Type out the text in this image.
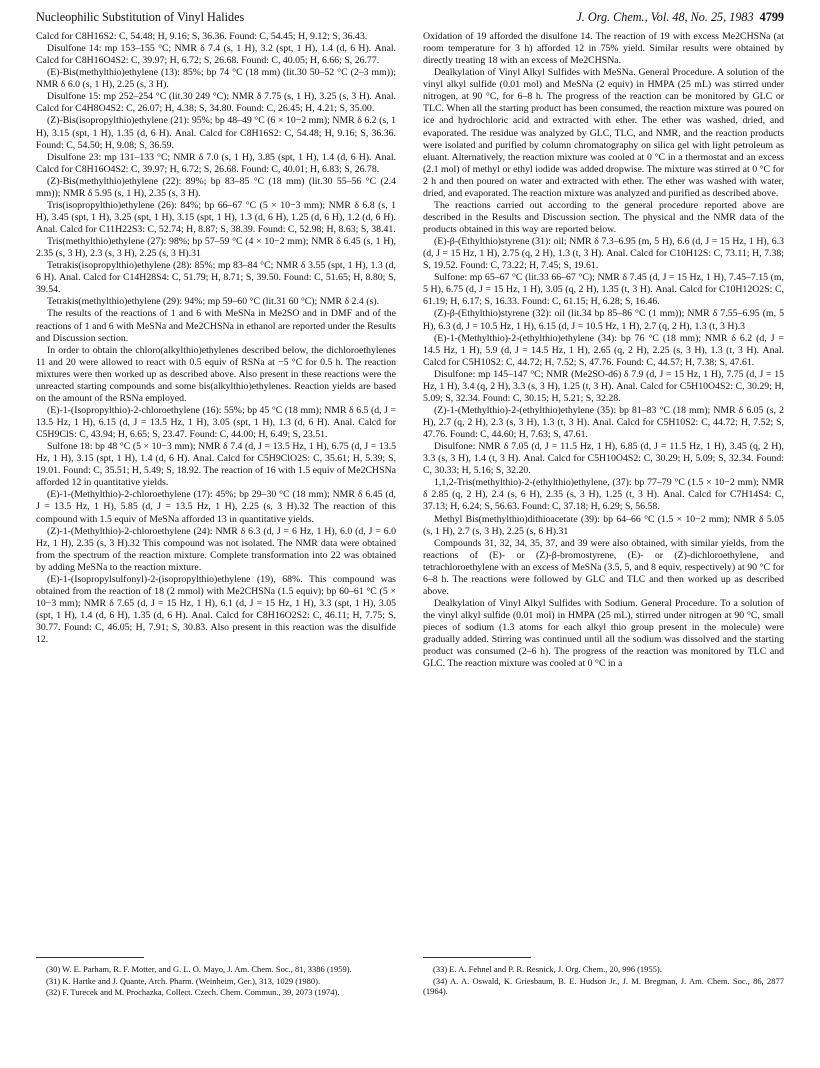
Nucleophilic Substitution of Vinyl Halides	J. Org. Chem., Vol. 48, No. 25, 1983 4799

Calcd for C8H16S2: C, 54.48; H, 9.16; S, 36.36. Found: C, 54.45; H, 9.12; S, 36.43.

Disulfone 14: mp 153–155 °C; NMR δ 7.4 (s, 1 H), 3.2 (spt, 1 H), 1.4 (d, 6 H). Anal. Calcd for C8H16O4S2: C, 39.97; H, 6.72; S, 26.68. Found: C, 40.05; H, 6.66; S, 26.77.

(E)-Bis(methylthio)ethylene (13): 85%; bp 74 °C (18 mm) (lit.30 50–52 °C (2–3 mm)); NMR δ 6.0 (s, 1 H), 2.25 (s, 3 H).

Disulfone 15: mp 252–254 °C (lit.30 249 °C); NMR δ 7.75 (s, 1 H), 3.25 (s, 3 H). Anal. Calcd for C4H8O4S2: C, 26.07; H, 4.38; S, 34.80. Found: C, 26.45; H, 4.21; S, 35.00.

(Z)-Bis(isopropylthio)ethylene (21): 95%; bp 48–49 °C (6 × 10−2 mm); NMR δ 6.2 (s, 1 H), 3.15 (spt, 1 H), 1.35 (d, 6 H). Anal. Calcd for C8H16S2: C, 54.48; H, 9.16; S, 36.36. Found: C, 54.50; H, 9.08; S, 36.59.

Disulfone 23: mp 131–133 °C; NMR δ 7.0 (s, 1 H), 3.85 (spt, 1 H), 1.4 (d, 6 H). Anal. Calcd for C8H16O4S2: C, 39.97; H, 6.72; S, 26.68. Found: C, 40.01; H, 6.83; S, 26.78.

(Z)-Bis(methylthio)ethylene (22): 89%; bp 83–85 °C (18 mm) (lit.30 55–56 °C (2.4 mm)); NMR δ 5.95 (s, 1 H), 2.35 (s, 3 H).

Tris(isopropylthio)ethylene (26): 84%; bp 66–67 °C (5 × 10−3 mm); NMR δ 6.8 (s, 1 H), 3.45 (spt, 1 H), 3.25 (spt, 1 H), 3.15 (spt, 1 H), 1.3 (d, 6 H), 1.25 (d, 6 H), 1.2 (d, 6 H). Anal. Calcd for C11H22S3: C, 52.74; H, 8.87; S, 38.39. Found: C, 52.98; H, 8.63; S, 38.41.

Tris(methylthio)ethylene (27): 98%; bp 57–59 °C (4 × 10−2 mm); NMR δ 6.45 (s, 1 H), 2.35 (s, 3 H), 2.3 (s, 3 H), 2.25 (s, 3 H).31

Tetrakis(isopropylthio)ethylene (28): 85%; mp 83–84 °C; NMR δ 3.55 (spt, 1 H), 1.3 (d, 6 H). Anal. Calcd for C14H28S4: C, 51.79; H, 8.71; S, 39.50. Found: C, 51.65; H, 8.80; S, 39.54.

Tetrakis(methylthio)ethylene (29): 94%; mp 59–60 °C (lit.31 60 °C); NMR δ 2.4 (s).

The results of the reactions of 1 and 6 with MeSNa in Me2SO and in DMF and of the reactions of 1 and 6 with MeSNa and Me2CHSNa in ethanol are reported under the Results and Discussion section.

In order to obtain the chloro(alkylthio)ethylenes described below, the dichloroethylenes 11 and 20 were allowed to react with 0.5 equiv of RSNa at −5 °C for 0.5 h. The reaction mixtures were then worked up as described above. Also present in these reactions were the unreacted starting compounds and some bis(alkylthio)ethylenes. Reaction yields are based on the amount of the RSNa employed.

(E)-1-(Isopropylthio)-2-chloroethylene (16): 55%; bp 45 °C (18 mm); NMR δ 6.5 (d, J = 13.5 Hz, 1 H), 6.15 (d, J = 13.5 Hz, 1 H), 3.05 (spt, 1 H), 1.3 (d, 6 H). Anal. Calcd for C5H9ClS: C, 43.94; H, 6.65; S, 23.47. Found: C, 44.00; H, 6.49; S, 23.51.

Sulfone 18: bp 48 °C (5 × 10−3 mm); NMR δ 7.4 (d, J = 13.5 Hz, 1 H), 6.75 (d, J = 13.5 Hz, 1 H), 3.15 (spt, 1 H), 1.4 (d, 6 H). Anal. Calcd for C5H9ClO2S: C, 35.61; H, 5.39; S, 19.01. Found: C, 35.51; H, 5.49; S, 18.92. The reaction of 16 with 1.5 equiv of Me2CHSNa afforded 12 in quantitative yields.

(E)-1-(Methylthio)-2-chloroethylene (17): 45%; bp 29–30 °C (18 mm); NMR δ 6.45 (d, J = 13.5 Hz, 1 H), 5.85 (d, J = 13.5 Hz, 1 H), 2.25 (s, 3 H).32 The reaction of this compound with 1.5 equiv of MeSNa afforded 13 in quantitative yields.

(Z)-1-(Methylthio)-2-chloroethylene (24): NMR δ 6.3 (d, J = 6 Hz, 1 H), 6.0 (d, J = 6.0 Hz, 1 H), 2.35 (s, 3 H).32 This compound was not isolated. The NMR data were obtained from the spectrum of the reaction mixture. Complete transformation into 22 was obtained by adding MeSNa to the reaction mixture.

(E)-1-(Isopropylsulfonyl)-2-(isopropylthio)ethylene (19), 68%. This compound was obtained from the reaction of 18 (2 mmol) with Me2CHSNa (1.5 equiv); bp 60–61 °C (5 × 10−3 mm); NMR δ 7.65 (d, J = 15 Hz, 1 H), 6.1 (d, J = 15 Hz, 1 H), 3.3 (spt, 1 H), 3.05 (spt, 1 H), 1.4 (d, 6 H), 1.35 (d, 6 H). Anal. Calcd for C8H16O2S2: C, 46.11; H, 7.75; S, 30.77. Found: C, 46.05; H, 7.91; S, 30.83. Also present in this reaction was the disulfide 12.

Oxidation of 19 afforded the disulfone 14. The reaction of 19 with excess Me2CHSNa (at room temperature for 3 h) afforded 12 in 75% yield. Similar results were obtained by directly treating 18 with an excess of Me2CHSNa.

Dealkylation of Vinyl Alkyl Sulfides with MeSNa. General Procedure. A solution of the vinyl alkyl sulfide (0.01 mol) and MeSNa (2 equiv) in HMPA (25 mL) was stirred under nitrogen, at 90 °C, for 6–8 h. The progress of the reaction can be monitored by GLC or TLC. When all the starting product has been consumed, the reaction mixture was poured on ice and hydrochloric acid and extracted with ether. The ether was washed, dried, and evaporated. The residue was analyzed by GLC, TLC, and NMR, and the reaction products were isolated and purified by column chromatography on silica gel with light petroleum as eluant. Alternatively, the reaction mixture was cooled at 0 °C in a thermostat and an excess (2.1 mol) of methyl or ethyl iodide was added dropwise. The mixture was stirred at 0 °C for 2 h and then poured on water and extracted with ether. The ether was washed with water, dried, and evaporated. The reaction mixture was analyzed and purified as described above.

The reactions carried out according to the general procedure reported above are described in the Results and Discussion section. The physical and the NMR data of the products obtained in this way are reported below.

(E)-β-(Ethylthio)styrene (31): oil; NMR δ 7.3–6.95 (m, 5 H), 6.6 (d, J = 15 Hz, 1 H), 6.3 (d, J = 15 Hz, 1 H), 2.75 (q, 2 H), 1.3 (t, 3 H). Anal. Calcd for C10H12S: C, 73.11; H, 7.38; S, 19.52. Found: C, 73.22; H, 7.45; S, 19.61.

Sulfone: mp 65–67 °C (lit.33 66–67 °C); NMR δ 7.45 (d, J = 15 Hz, 1 H), 7.45–7.15 (m, 5 H), 6.75 (d, J = 15 Hz, 1 H), 3.05 (q, 2 H), 1.35 (t, 3 H). Anal. Calcd for C10H12O2S: C, 61.19; H, 6.17; S, 16.33. Found: C, 61.15; H, 6.28; S, 16.46.

(Z)-β-(Ethylthio)styrene (32): oil (lit.34 bp 85–86 °C (1 mm)); NMR δ 7.55–6.95 (m, 5 H), 6.3 (d, J = 10.5 Hz, 1 H), 6.15 (d, J = 10.5 Hz, 1 H), 2.7 (q, 2 H), 1.3 (t, 3 H).3

(E)-1-(Methylthio)-2-(ethylthio)ethylene (34): bp 76 °C (18 mm); NMR δ 6.2 (d, J = 14.5 Hz, 1 H), 5.9 (d, J = 14.5 Hz, 1 H), 2.65 (q, 2 H), 2.25 (s, 3 H), 1.3 (t, 3 H). Anal. Calcd for C5H10S2: C, 44.72; H, 7.52; S, 47.76. Found: C, 44.57; H, 7.38; S, 47.61.

Disulfone: mp 145–147 °C; NMR (Me2SO-d6) δ 7.9 (d, J = 15 Hz, 1 H), 7.75 (d, J = 15 Hz, 1 H), 3.4 (q, 2 H), 3.3 (s, 3 H), 1.25 (t, 3 H). Anal. Calcd for C5H10O4S2: C, 30.29; H, 5.09; S, 32.34. Found: C, 30.15; H, 5.21; S, 32.28.

(Z)-1-(Methylthio)-2-(ethylthio)ethylene (35): bp 81–83 °C (18 mm); NMR δ 6.05 (s, 2 H), 2.7 (q, 2 H), 2.3 (s, 3 H), 1.3 (t, 3 H). Anal. Calcd for C5H10S2: C, 44.72; H, 7.52; S, 47.76. Found: C, 44.60; H, 7.63; S, 47.61.

Disulfone: NMR δ 7.05 (d, J = 11.5 Hz, 1 H), 6.85 (d, J = 11.5 Hz, 1 H), 3.45 (q, 2 H), 3.3 (s, 3 H), 1.4 (t, 3 H). Anal. Calcd for C5H10O4S2: C, 30.29; H, 5.09; S, 32.34. Found: C, 30.33; H, 5.16; S, 32.20.

1,1,2-Tris(methylthio)-2-(ethylthio)ethylene, (37): bp 77–79 °C (1.5 × 10−2 mm); NMR δ 2.85 (q, 2 H), 2.4 (s, 6 H), 2.35 (s, 3 H), 1.25 (t, 3 H). Anal. Calcd for C7H14S4: C, 37.13; H, 6.24; S, 56.63. Found: C, 37.18; H, 6.29; S, 56.58.

Methyl Bis(methylthio)dithioacetate (39): bp 64–66 °C (1.5 × 10−2 mm); NMR δ 5.05 (s, 1 H), 2.7 (s, 3 H), 2.25 (s, 6 H).31

Compounds 31, 32, 34, 35, 37, and 39 were also obtained, with similar yields, from the reactions of (E)- or (Z)-β-bromostyrene, (E)- or (Z)-dichloroethylene, and tetrachloroethylene with an excess of MeSNa (3.5, 5, and 8 equiv, respectively) at 90 °C for 6–8 h. The reactions were followed by GLC and TLC and then worked up as described above.

Dealkylation of Vinyl Alkyl Sulfides with Sodium. General Procedure. To a solution of the vinyl alkyl sulfide (0.01 mol) in HMPA (25 mL), stirred under nitrogen at 90 °C, small pieces of sodium (1.3 atoms for each alkyl thio group present in the molecule) were gradually added. Stirring was continued until all the sodium was dissolved and the starting product was consumed (2–6 h). The progress of the reaction was monitored by TLC and GLC. The reaction mixture was cooled at 0 °C in a

(30) W. E. Parham, R. F. Motter, and G. L. O. Mayo, J. Am. Chem. Soc., 81, 3386 (1959).

(31) K. Hartke and J. Quante, Arch. Pharm. (Weinheim, Ger.), 313, 1029 (1980).

(32) F. Turecek and M. Prochazka, Collect. Czech. Chem. Commun., 39, 2073 (1974).

(33) E. A. Fehnel and P. R. Resnick, J. Org. Chem., 20, 996 (1955).

(34) A. A. Oswald, K. Griesbaum, B. E. Hudson Jr., J. M. Bregman, J. Am. Chem. Soc., 86, 2877 (1964).
